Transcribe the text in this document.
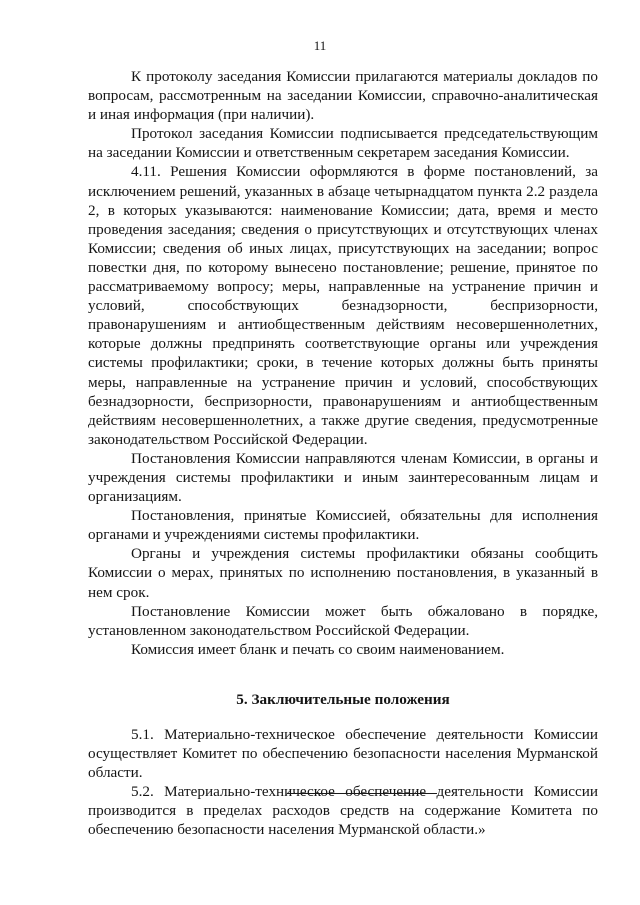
11

К протоколу заседания Комиссии прилагаются материалы докладов по вопросам, рассмотренным на заседании Комиссии, справочно-аналитическая и иная информация (при наличии).

Протокол заседания Комиссии подписывается председательствующим на заседании Комиссии и ответственным секретарем заседания Комиссии.

4.11. Решения Комиссии оформляются в форме постановлений, за исключением решений, указанных в абзаце четырнадцатом пункта 2.2 раздела 2, в которых указываются: наименование Комиссии; дата, время и место проведения заседания; сведения о присутствующих и отсутствующих членах Комиссии; сведения об иных лицах, присутствующих на заседании; вопрос повестки дня, по которому вынесено постановление; решение, принятое по рассматриваемому вопросу; меры, направленные на устранение причин и условий, способствующих безнадзорности, беспризорности, правонарушениям и антиобщественным действиям несовершеннолетних, которые должны предпринять соответствующие органы или учреждения системы профилактики; сроки, в течение которых должны быть приняты меры, направленные на устранение причин и условий, способствующих безнадзорности, беспризорности, правонарушениям и антиобщественным действиям несовершеннолетних, а также другие сведения, предусмотренные законодательством Российской Федерации.

Постановления Комиссии направляются членам Комиссии, в органы и учреждения системы профилактики и иным заинтересованным лицам и организациям.

Постановления, принятые Комиссией, обязательны для исполнения органами и учреждениями системы профилактики.

Органы и учреждения системы профилактики обязаны сообщить Комиссии о мерах, принятых по исполнению постановления, в указанный в нем срок.

Постановление Комиссии может быть обжаловано в порядке, установленном законодательством Российской Федерации.

Комиссия имеет бланк и печать со своим наименованием.

5. Заключительные положения

5.1. Материально-техническое обеспечение деятельности Комиссии осуществляет Комитет по обеспечению безопасности населения Мурманской области.

5.2. Материально-техническое обеспечение деятельности Комиссии производится в пределах расходов средств на содержание Комитета по обеспечению безопасности населения Мурманской области.»
